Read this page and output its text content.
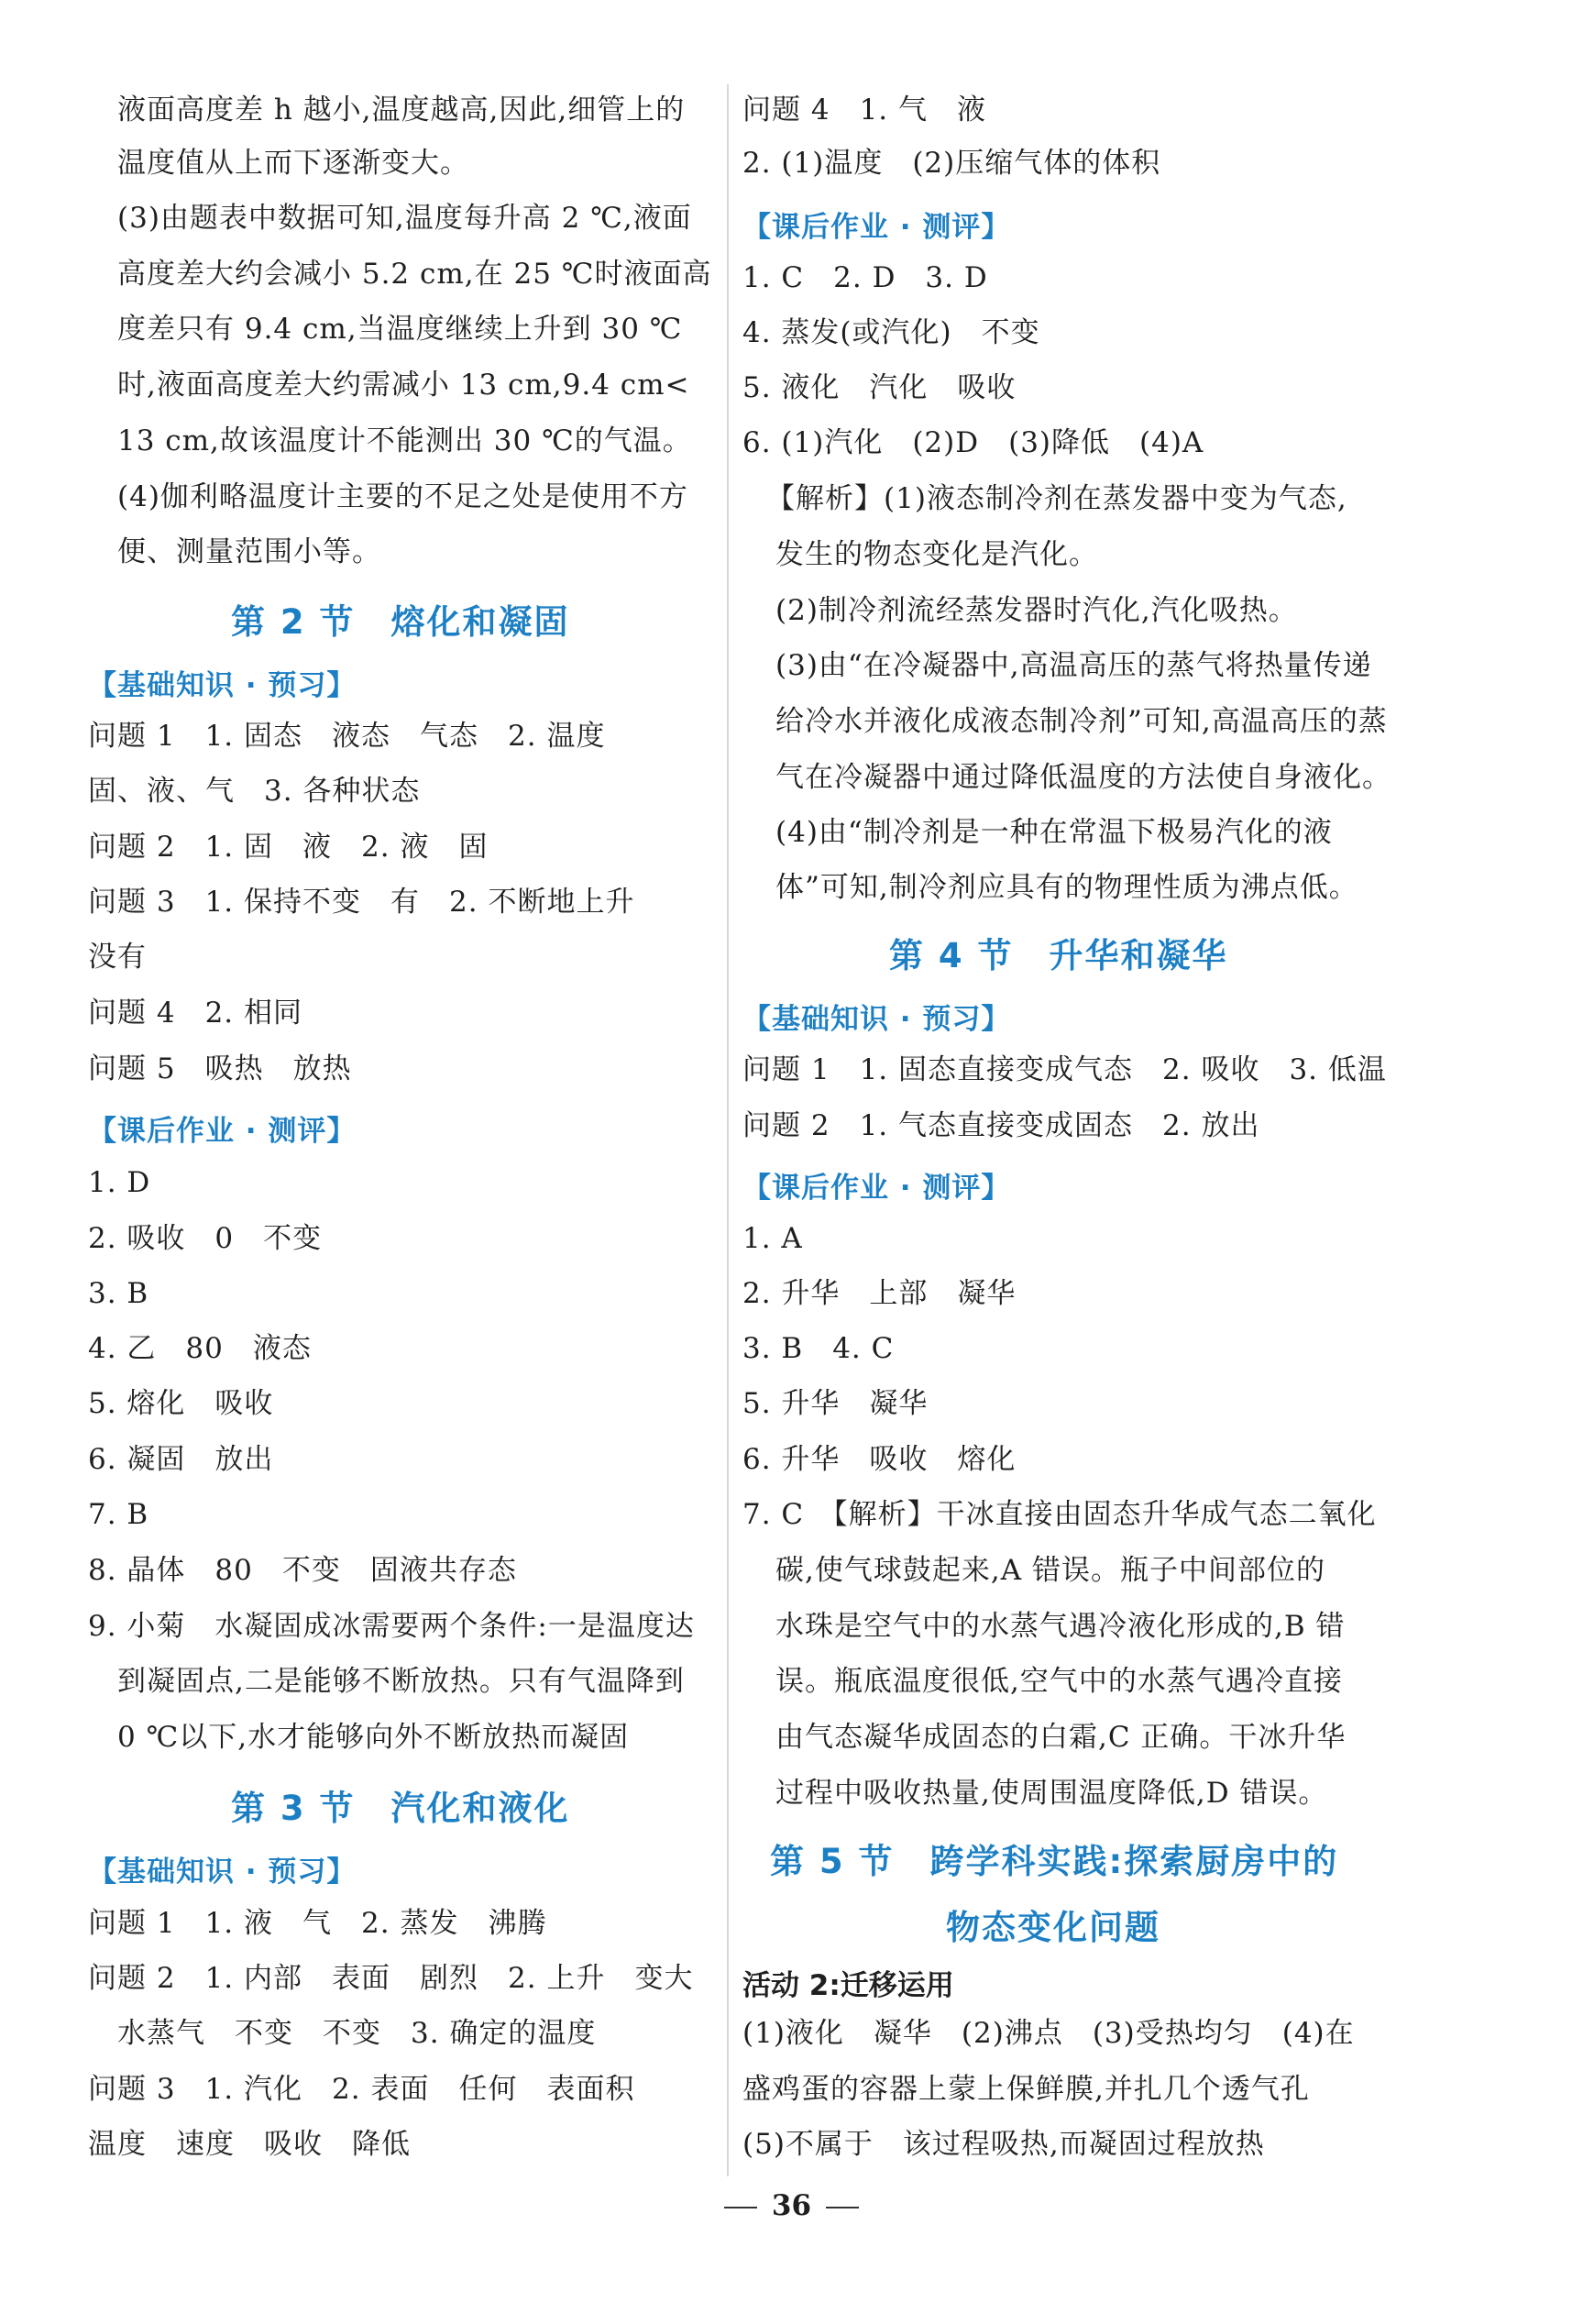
液面高度差 h 越小,温度越高,因此,细管上的
温度值从上而下逐渐变大。
(3)由题表中数据可知,温度每升高 2 ℃,液面
高度差大约会减小 5.2 cm,在 25 ℃时液面高
度差只有 9.4 cm,当温度继续上升到 30 ℃
时,液面高度差大约需减小 13 cm,9.4 cm<
13 cm,故该温度计不能测出 30 ℃的气温。
(4)伽利略温度计主要的不足之处是使用不方
便、测量范围小等。
第 2 节　熔化和凝固
【基础知识 · 预习】
问题 1　1. 固态　液态　气态　2. 温度
固、液、气　3. 各种状态
问题 2　1. 固　液　2. 液　固
问题 3　1. 保持不变　有　2. 不断地上升
没有
问题 4　2. 相同
问题 5　吸热　放热
【课后作业 · 测评】
1. D
2. 吸收　0　不变
3. B
4. 乙　80　液态
5. 熔化　吸收
6. 凝固　放出
7. B
8. 晶体　80　不变　固液共存态
9. 小菊　水凝固成冰需要两个条件:一是温度达
到凝固点,二是能够不断放热。只有气温降到
0 ℃以下,水才能够向外不断放热而凝固
第 3 节　汽化和液化
【基础知识 · 预习】
问题 1　1. 液　气　2. 蒸发　沸腾
问题 2　1. 内部　表面　剧烈　2. 上升　变大
水蒸气　不变　不变　3. 确定的温度
问题 3　1. 汽化　2. 表面　任何　表面积
温度　速度　吸收　降低
问题 4　1. 气　液
2. (1)温度　(2)压缩气体的体积
【课后作业 · 测评】
1. C　2. D　3. D
4. 蒸发(或汽化)　不变
5. 液化　汽化　吸收
6. (1)汽化　(2)D　(3)降低　(4)A
【解析】(1)液态制冷剂在蒸发器中变为气态,
发生的物态变化是汽化。
(2)制冷剂流经蒸发器时汽化,汽化吸热。
(3)由“在冷凝器中,高温高压的蒸气将热量传递
给冷水并液化成液态制冷剂”可知,高温高压的蒸
气在冷凝器中通过降低温度的方法使自身液化。
(4)由“制冷剂是一种在常温下极易汽化的液
体”可知,制冷剂应具有的物理性质为沸点低。
第 4 节　升华和凝华
【基础知识 · 预习】
问题 1　1. 固态直接变成气态　2. 吸收　3. 低温
问题 2　1. 气态直接变成固态　2. 放出
【课后作业 · 测评】
1. A
2. 升华　上部　凝华
3. B　4. C
5. 升华　凝华
6. 升华　吸收　熔化
7. C　【解析】干冰直接由固态升华成气态二氧化
碳,使气球鼓起来,A 错误。瓶子中间部位的
水珠是空气中的水蒸气遇冷液化形成的,B 错
误。瓶底温度很低,空气中的水蒸气遇冷直接
由气态凝华成固态的白霜,C 正确。干冰升华
过程中吸收热量,使周围温度降低,D 错误。
第 5 节　跨学科实践:探索厨房中的
物态变化问题
活动 2:迁移运用
(1)液化　凝华　(2)沸点　(3)受热均匀　(4)在
盛鸡蛋的容器上蒙上保鲜膜,并扎几个透气孔
(5)不属于　该过程吸热,而凝固过程放热
36
